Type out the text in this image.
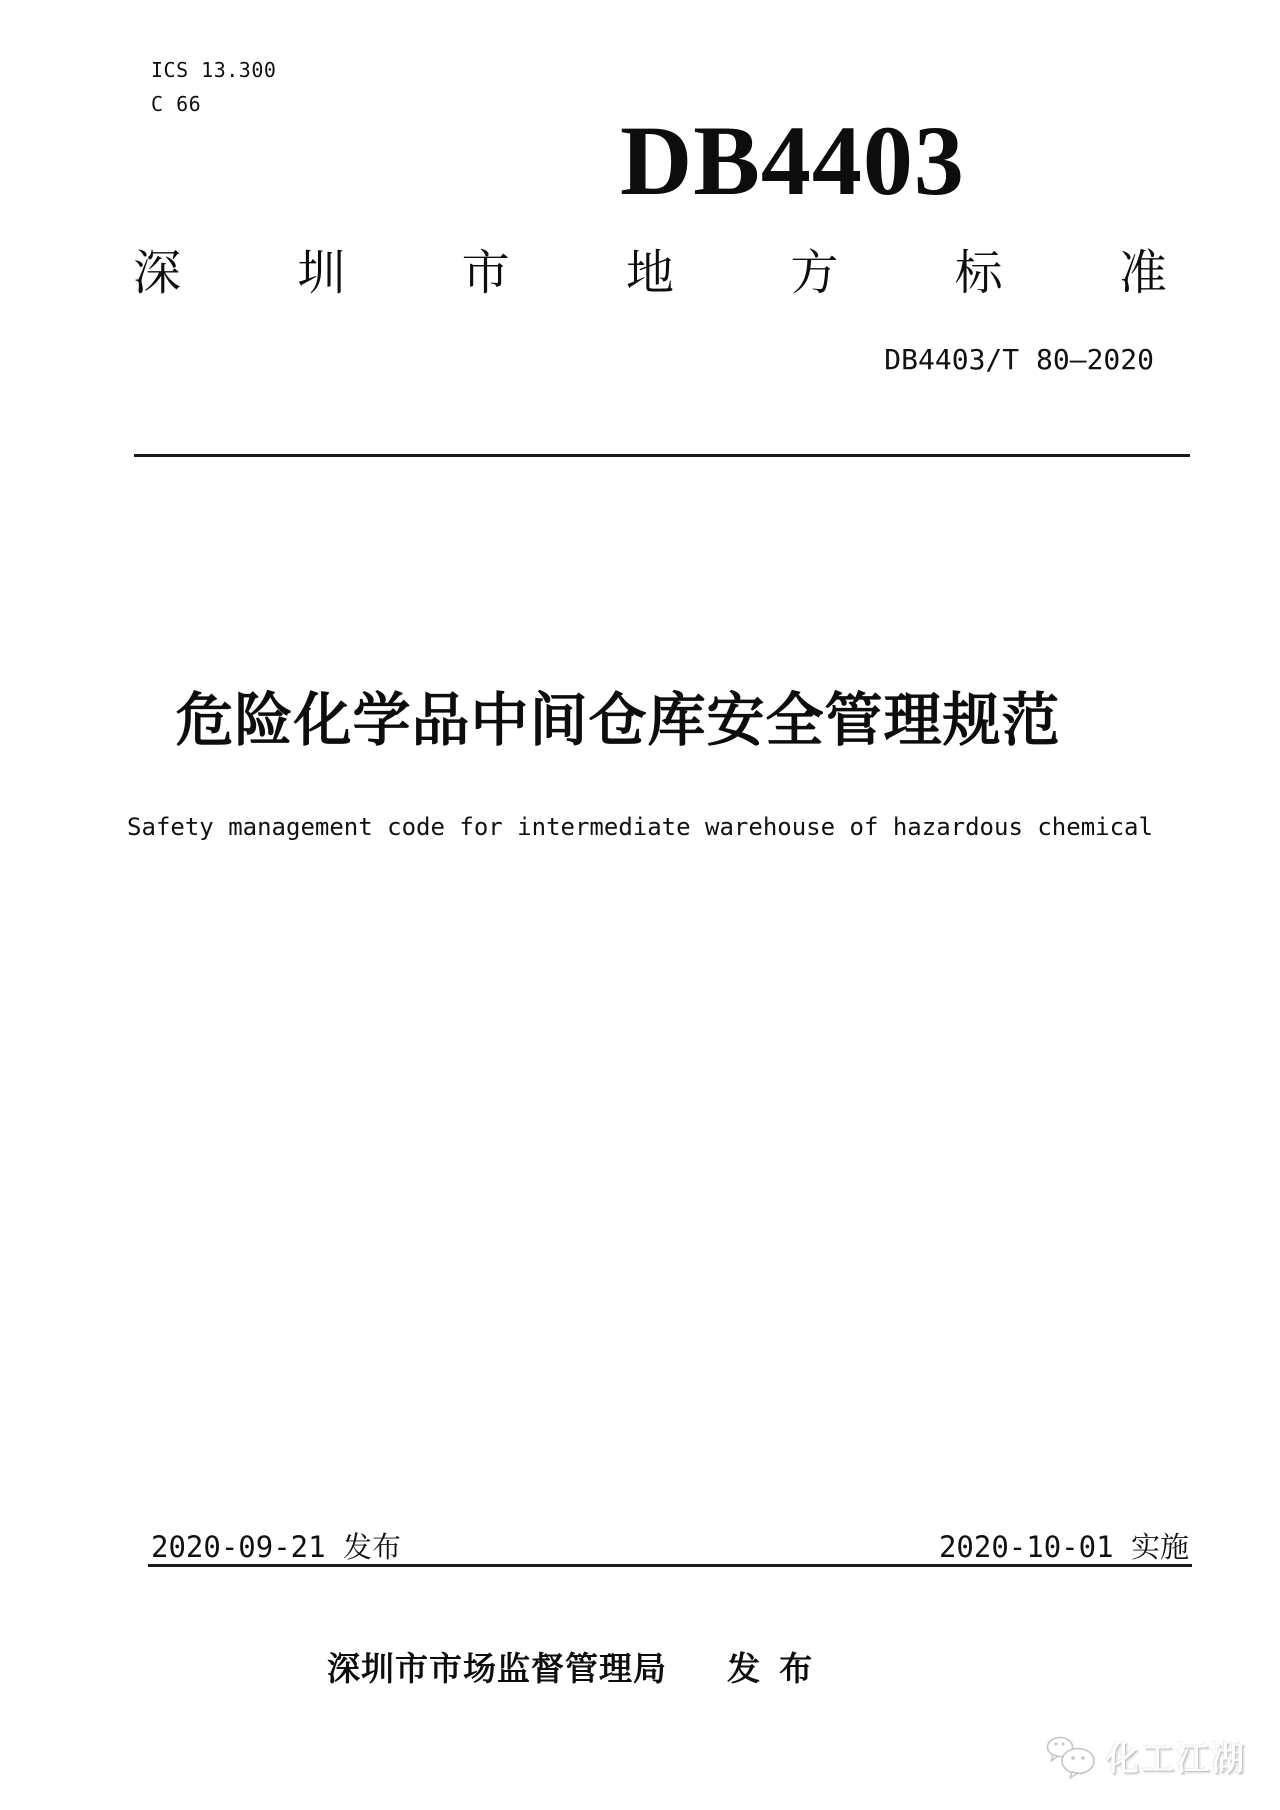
ICS 13.300
C 66
DB4403
深 圳 市 地 方 标 准
DB4403/T 80—2020
危险化学品中间仓库安全管理规范
Safety management code for intermediate warehouse of hazardous chemical
2020-09-21 发布	2020-10-01 实施
深圳市市场监督管理局 发 布
化工江湖
